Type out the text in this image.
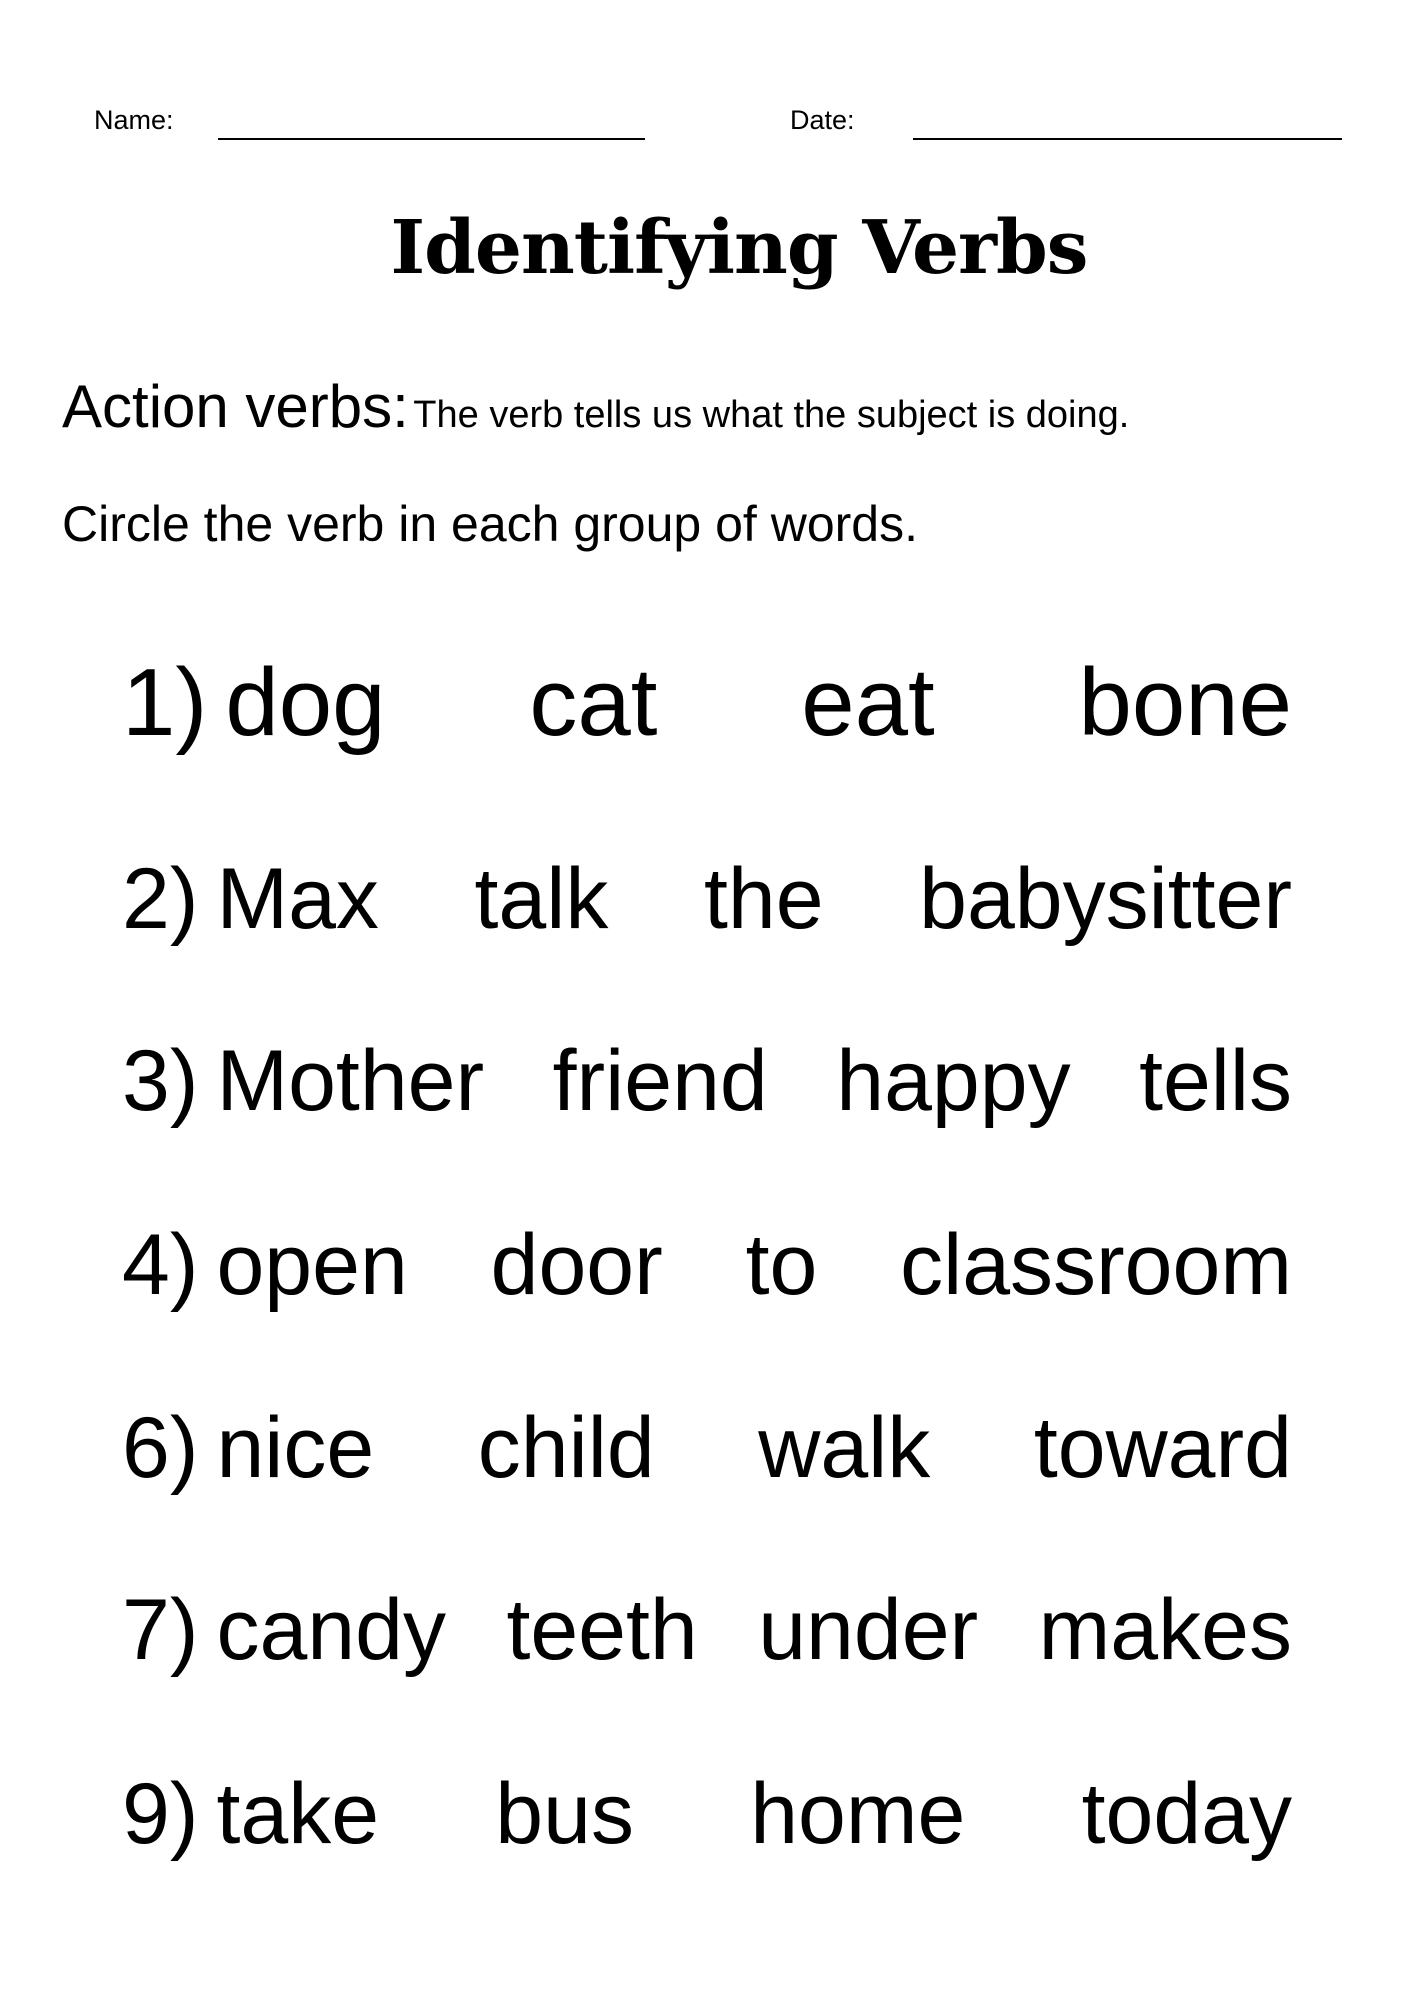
Name:	Date:
Identifying Verbs
Action verbs: The verb tells us what the subject is doing.
Circle the verb in each group of words.
1) dog cat eat bone
2) Max talk the babysitter
3) Mother friend happy tells
4) open door to classroom
6) nice child walk toward
7) candy teeth under makes
9) take bus home today
